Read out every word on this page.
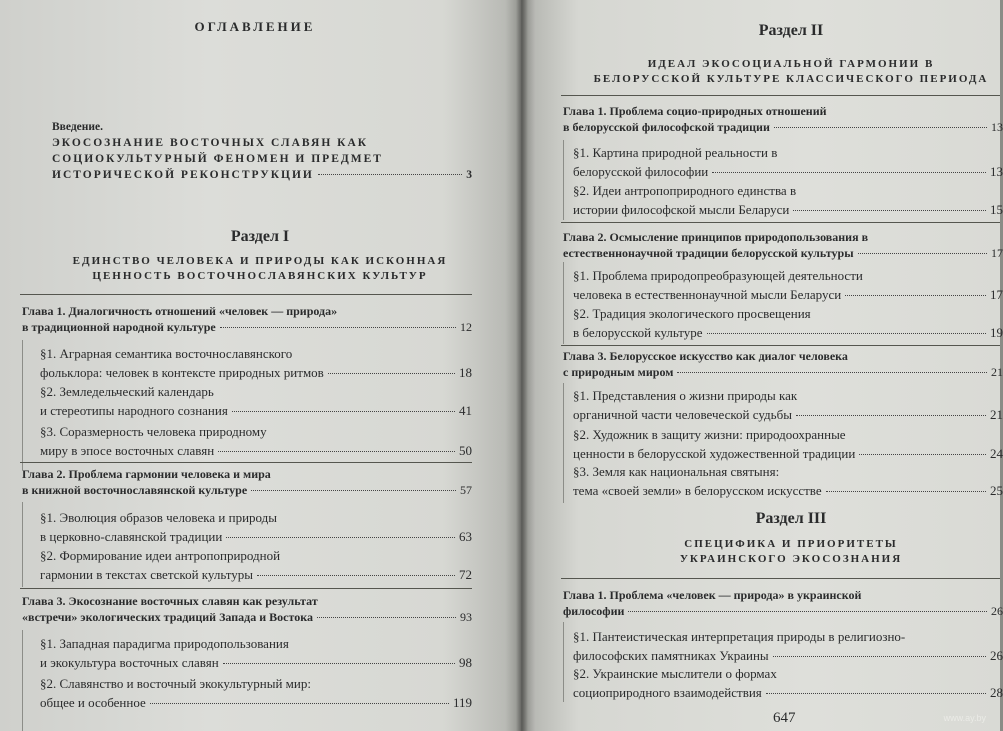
ОГЛАВЛЕНИЕ
Введение.
ЭКОСОЗНАНИЕ ВОСТОЧНЫХ СЛАВЯН КАК
СОЦИОКУЛЬТУРНЫЙ ФЕНОМЕН И ПРЕДМЕТ
ИСТОРИЧЕСКОЙ РЕКОНСТРУКЦИИ	3
Раздел I
ЕДИНСТВО ЧЕЛОВЕКА И ПРИРОДЫ КАК ИСКОННАЯ
ЦЕННОСТЬ ВОСТОЧНОСЛАВЯНСКИХ КУЛЬТУР
Глава 1. Диалогичность отношений «человек — природа»
в традиционной народной культуре	12
§1. Аграрная семантика восточнославянского
фольклора: человек в контексте природных ритмов	18
§2. Земледельческий календарь
и стереотипы народного сознания	41
§3. Соразмерность человека природному
миру в эпосе восточных славян	50
Глава 2. Проблема гармонии человека и мира
в книжной восточнославянской культуре	57
§1. Эволюция образов человека и природы
в церковно-славянской традиции	63
§2. Формирование идеи антропоприродной
гармонии в текстах светской культуры	72
Глава 3. Экосознание восточных славян как результат
«встречи» экологических традиций Запада и Востока	93
§1. Западная парадигма природопользования
и экокультура восточных славян	98
§2. Славянство и восточный экокультурный мир:
общее и особенное	119
Раздел II
ИДЕАЛ ЭКОСОЦИАЛЬНОЙ ГАРМОНИИ В
БЕЛОРУССКОЙ КУЛЬТУРЕ КЛАССИЧЕСКОГО ПЕРИОДА
Глава 1. Проблема социо-природных отношений
в белорусской философской традиции	13
§1. Картина природной реальности в
белорусской философии	13
§2. Идеи антропоприродного единства в
истории философской мысли Беларуси	15
Глава 2. Осмысление принципов природопользования в
естественнонаучной традиции белорусской культуры	17
§1. Проблема природопреобразующей деятельности
человека в естественнонаучной мысли Беларуси	17
§2. Традиция экологического просвещения
в белорусской культуре	19
Глава 3. Белорусское искусство как диалог человека
с природным миром	21
§1. Представления о жизни природы как
органичной части человеческой судьбы	21
§2. Художник в защиту жизни: природоохранные
ценности в белорусской художественной традиции	24
§3. Земля как национальная святыня:
тема «своей земли» в белорусском искусстве	25
Раздел III
СПЕЦИФИКА И ПРИОРИТЕТЫ
УКРАИНСКОГО ЭКОСОЗНАНИЯ
Глава 1. Проблема «человек — природа» в украинской
философии	26
§1. Пантеистическая интерпретация природы в религиозно-
философских памятниках Украины	26
§2. Украинские мыслители о формах
социоприродного взаимодействия	28
647	www.ay.by
